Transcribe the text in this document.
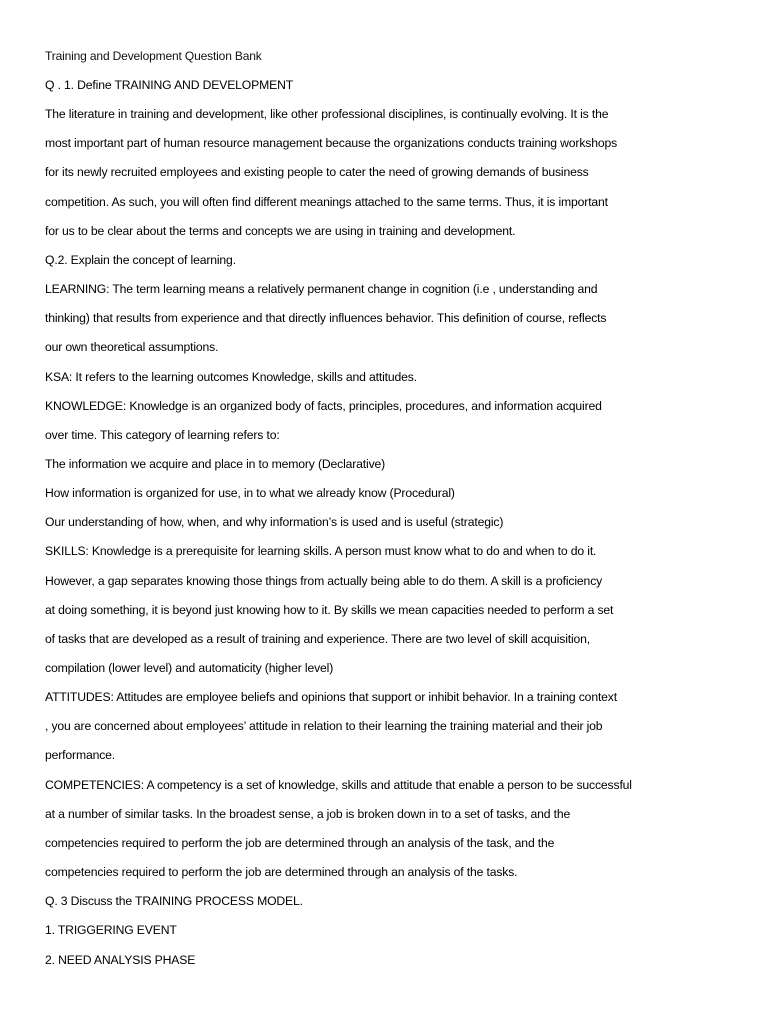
Training and Development Question Bank
Q . 1. Define TRAINING AND DEVELOPMENT
The literature in training and development, like other professional disciplines, is continually evolving. It is the
most important part of human resource management because the organizations conducts training workshops
for its newly recruited employees and existing people to cater the need of growing demands of business
competition. As such, you will often find different meanings attached to the same terms. Thus, it is important
for us to be clear about the terms and concepts we are using in training and development.
Q.2. Explain the concept of learning.
LEARNING: The term learning means a relatively permanent change in cognition (i.e , understanding and
thinking) that results from experience and that directly influences behavior. This definition of course, reflects
our own theoretical assumptions.
KSA: It refers to the learning outcomes Knowledge, skills and attitudes.
KNOWLEDGE: Knowledge is an organized body of facts, principles, procedures, and information acquired
over time. This category of learning refers to:
The information we acquire and place in to memory (Declarative)
How information is organized for use, in to what we already know (Procedural)
Our understanding of how, when, and why information’s is used and is useful (strategic)
SKILLS: Knowledge is a prerequisite for learning skills. A person must know what to do and when to do it.
However, a gap separates knowing those things from actually being able to do them. A skill is a proficiency
at doing something, it is beyond just knowing how to it. By skills we mean capacities needed to perform a set
of tasks that are developed as a result of training and experience. There are two level of skill acquisition,
compilation (lower level) and automaticity (higher level)
ATTITUDES: Attitudes are employee beliefs and opinions that support or inhibit behavior. In a training context
, you are concerned about employees’ attitude in relation to their learning the training material and their job
performance.
COMPETENCIES: A competency is a set of knowledge, skills and attitude that enable a person to be successful
at a number of similar tasks. In the broadest sense, a job is broken down in to a set of tasks, and the
competencies required to perform the job are determined through an analysis of the task, and the
competencies required to perform the job are determined through an analysis of the tasks.
Q. 3 Discuss the TRAINING PROCESS MODEL.
1. TRIGGERING EVENT
2. NEED ANALYSIS PHASE
